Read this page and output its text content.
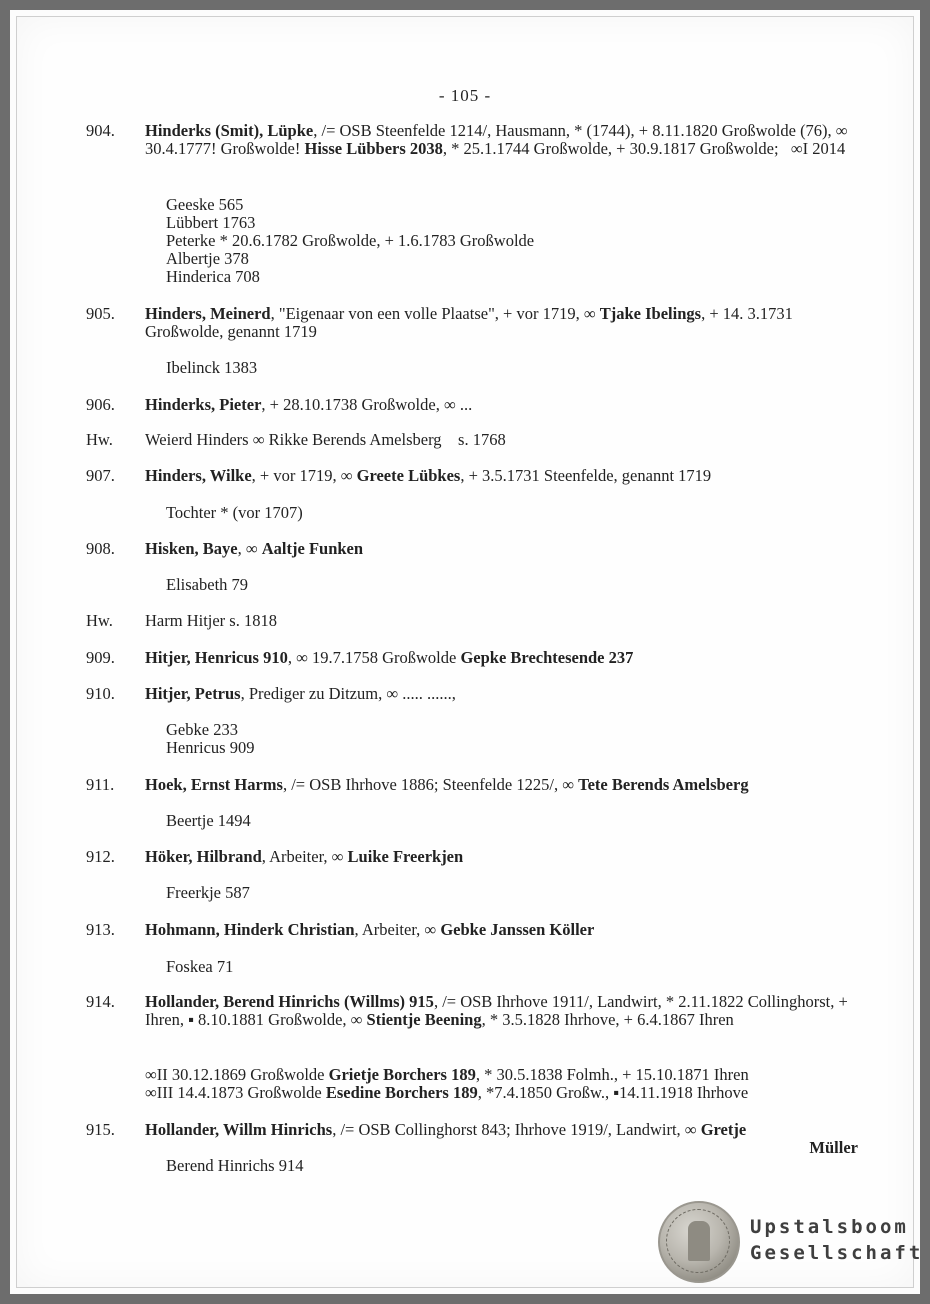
- 105 -
904.	Hinderks (Smit), Lüpke, /= OSB Steenfelde 1214/, Hausmann, * (1744), + 8.11.1820 Großwolde (76), ∞ 30.4.1777! Großwolde! Hisse Lübbers 2038, * 25.1.1744 Großwolde, + 30.9.1817 Großwolde;   ∞I 2014
Geeske 565
Lübbert 1763
Peterke * 20.6.1782 Großwolde, + 1.6.1783 Großwolde
Albertje 378
Hinderica 708
905.	Hinders, Meinerd, "Eigenaar von een volle Plaatse", + vor 1719, ∞ Tjake Ibelings, + 14. 3.1731 Großwolde, genannt 1719
Ibelinck 1383
906.	Hinderks, Pieter, + 28.10.1738 Großwolde, ∞ ...
Hw.	Weierd Hinders ∞ Rikke Berends Amelsberg    s. 1768
907.	Hinders, Wilke, + vor 1719, ∞ Greete Lübkes, + 3.5.1731 Steenfelde, genannt 1719
Tochter * (vor 1707)
908.	Hisken, Baye, ∞ Aaltje Funken
Elisabeth 79
Hw.	Harm Hitjer s. 1818
909.	Hitjer, Henricus 910, ∞ 19.7.1758 Großwolde Gepke Brechtesende 237
910.	Hitjer, Petrus, Prediger zu Ditzum, ∞ ..... ......,
Gebke 233
Henricus 909
911.	Hoek, Ernst Harms, /= OSB Ihrhove 1886; Steenfelde 1225/, ∞ Tete Berends Amelsberg
Beertje 1494
912.	Höker, Hilbrand, Arbeiter, ∞ Luike Freerkjen
Freerkje 587
913.	Hohmann, Hinderk Christian, Arbeiter, ∞ Gebke Janssen Köller
Foskea 71
914.	Hollander, Berend Hinrichs (Willms) 915, /= OSB Ihrhove 1911/, Landwirt, * 2.11.1822 Collinghorst, + Ihren, ▪ 8.10.1881 Großwolde, ∞ Stientje Beening, * 3.5.1828 Ihrhove, + 6.4.1867 Ihren
∞II 30.12.1869 Großwolde Grietje Borchers 189, * 30.5.1838 Folmh., + 15.10.1871 Ihren
∞III 14.4.1873 Großwolde Esedine Borchers 189, *7.4.1850 Großw., ▪14.11.1918 Ihrhove
915.	Hollander, Willm Hinrichs, /= OSB Collinghorst 843; Ihrhove 1919/, Landwirt, ∞ Gretje
Müller
Berend Hinrichs 914
Upstalsboom
Gesellschaft
